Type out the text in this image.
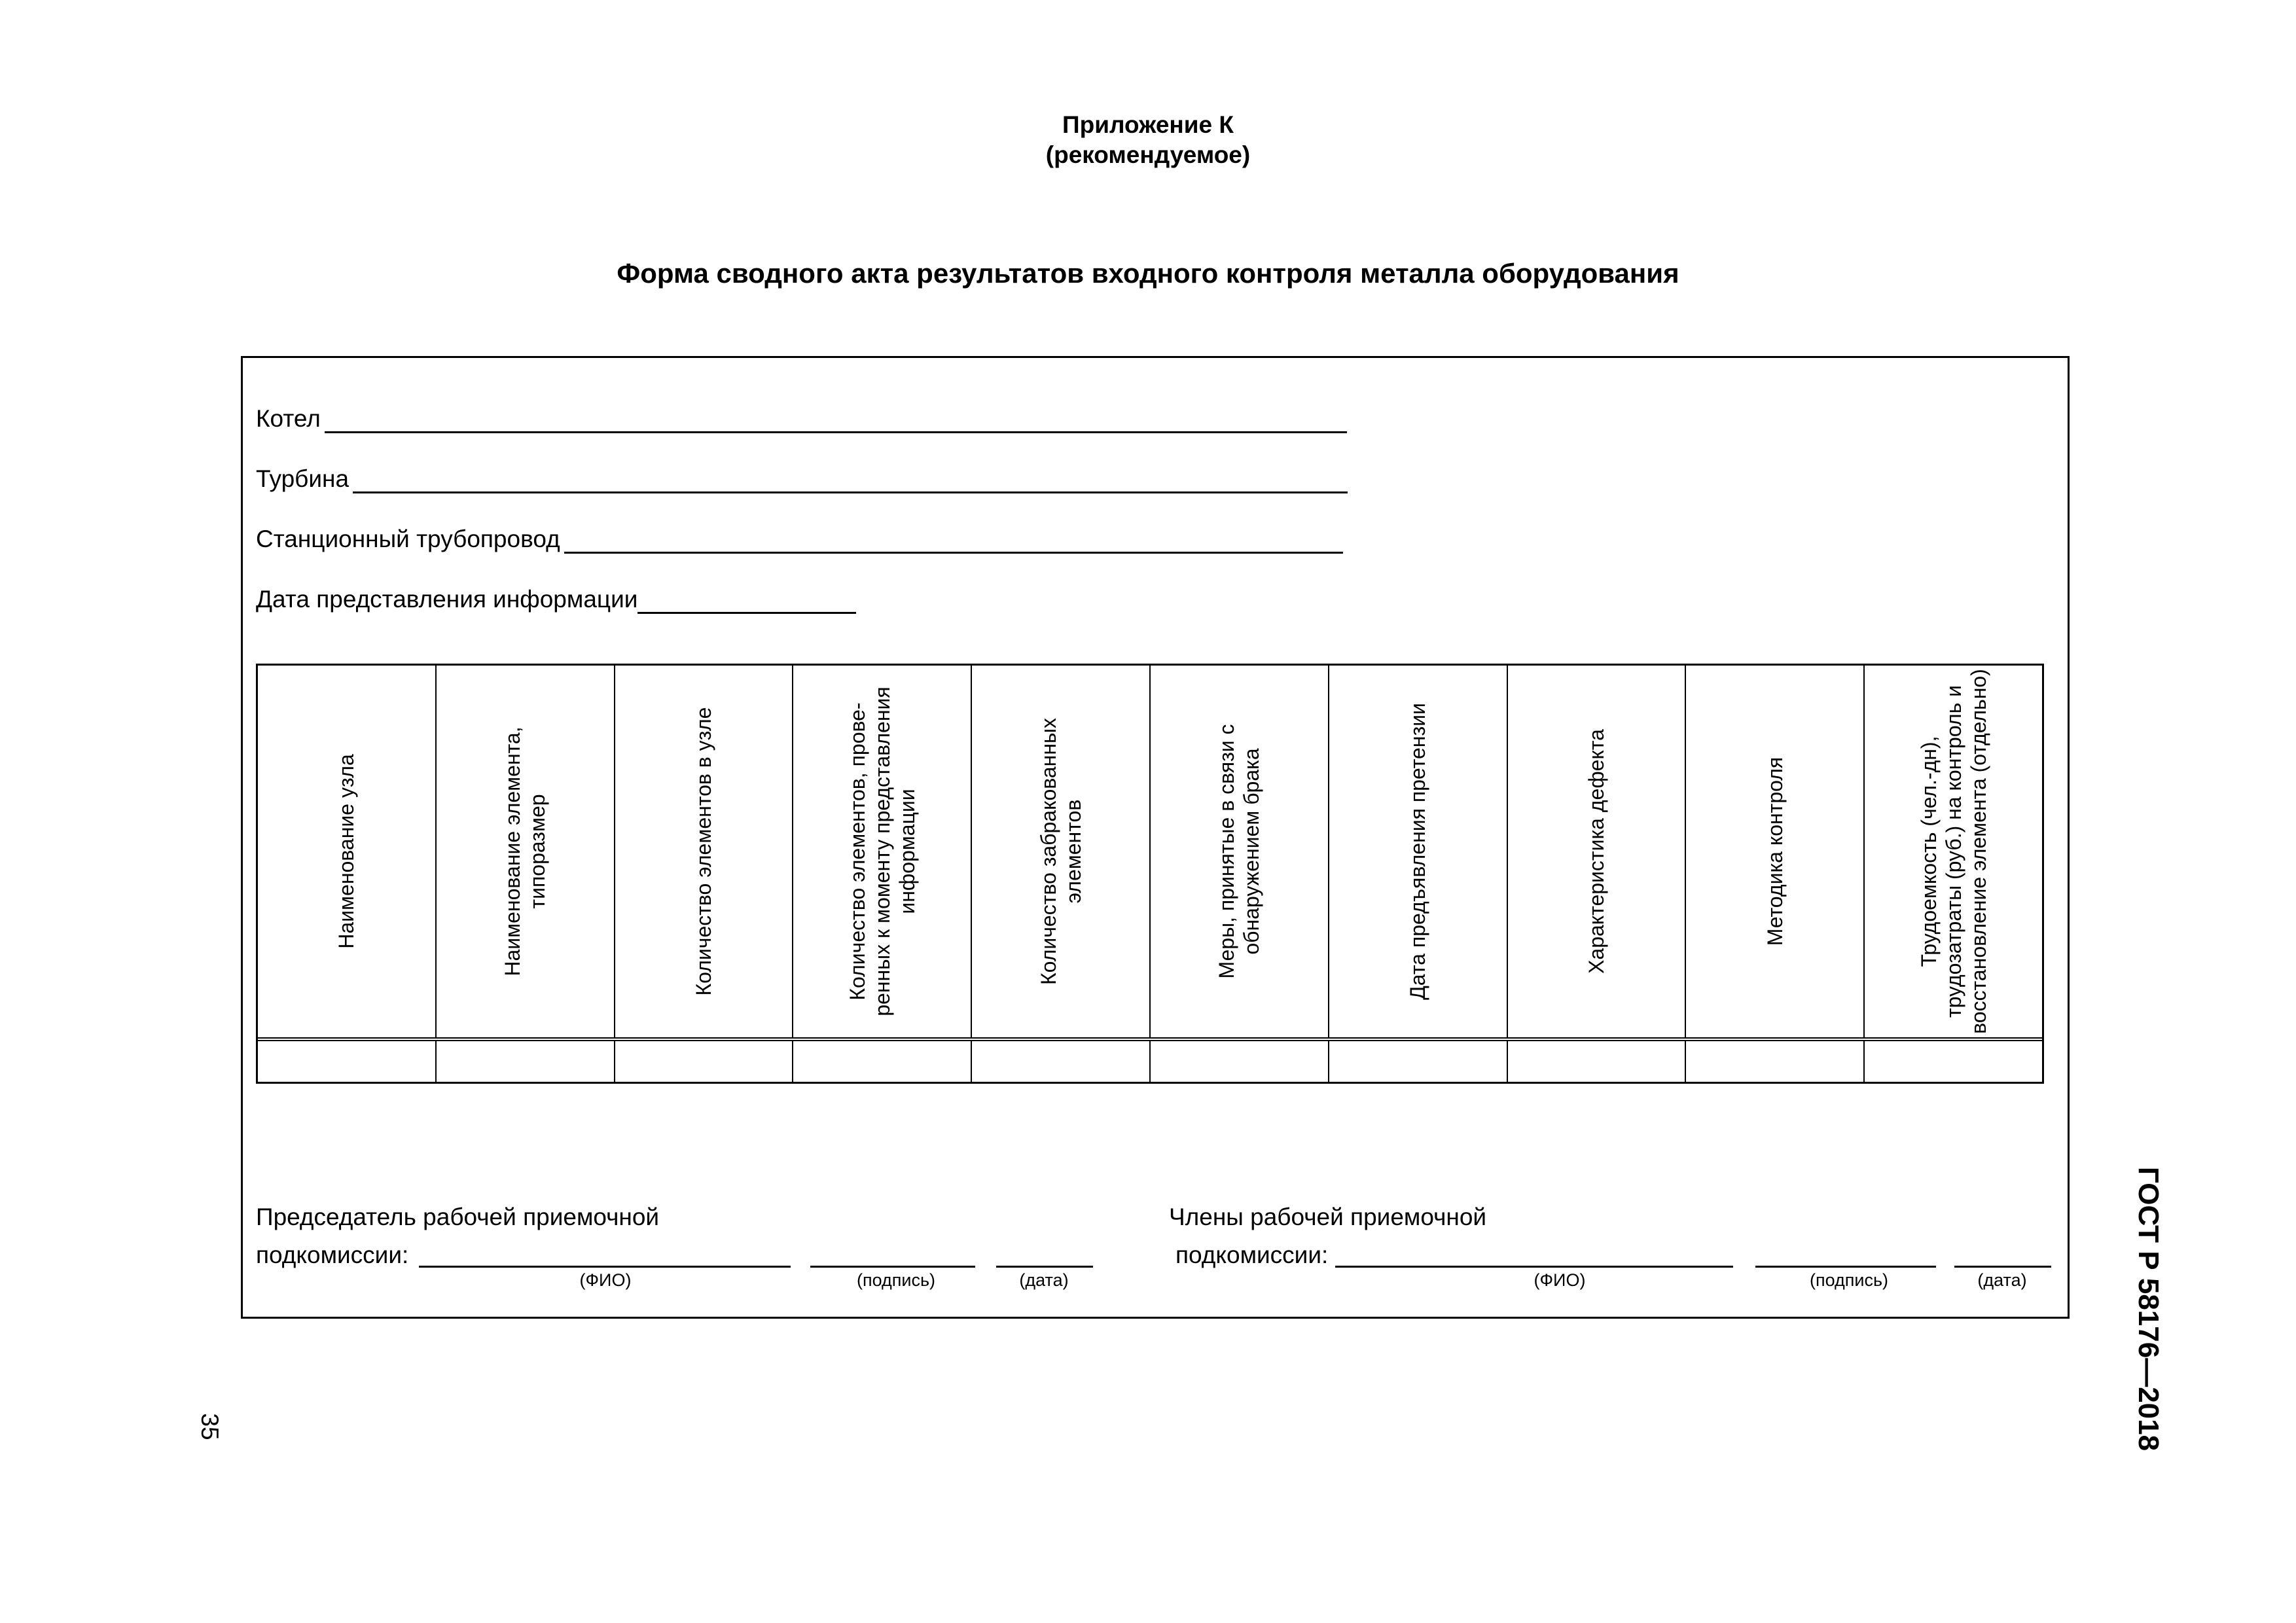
Приложение К
(рекомендуемое)
Форма сводного акта результатов входного контроля металла оборудования
Котел
Турбина
Станционный трубопровод
Дата представления информации
Наименование узла	Наименование элемента, типоразмер	Количество элементов в узле	Количество элементов, прове-ренных к моменту представления информации	Количество забракованных элементов	Меры, принятые в связи с обнаружением брака	Дата предъявления претензии	Характеристика дефекта	Методика контроля	Трудоемкость (чел.-дн), трудозатраты (руб.) на контроль и восстановление элемента (отдельно)
Председатель рабочей приемочной
подкомиссии:
(ФИО)	(подпись)	(дата)
Члены рабочей приемочной
подкомиссии:
(ФИО)	(подпись)	(дата)	ГОСТ Р 58176—2018
35
